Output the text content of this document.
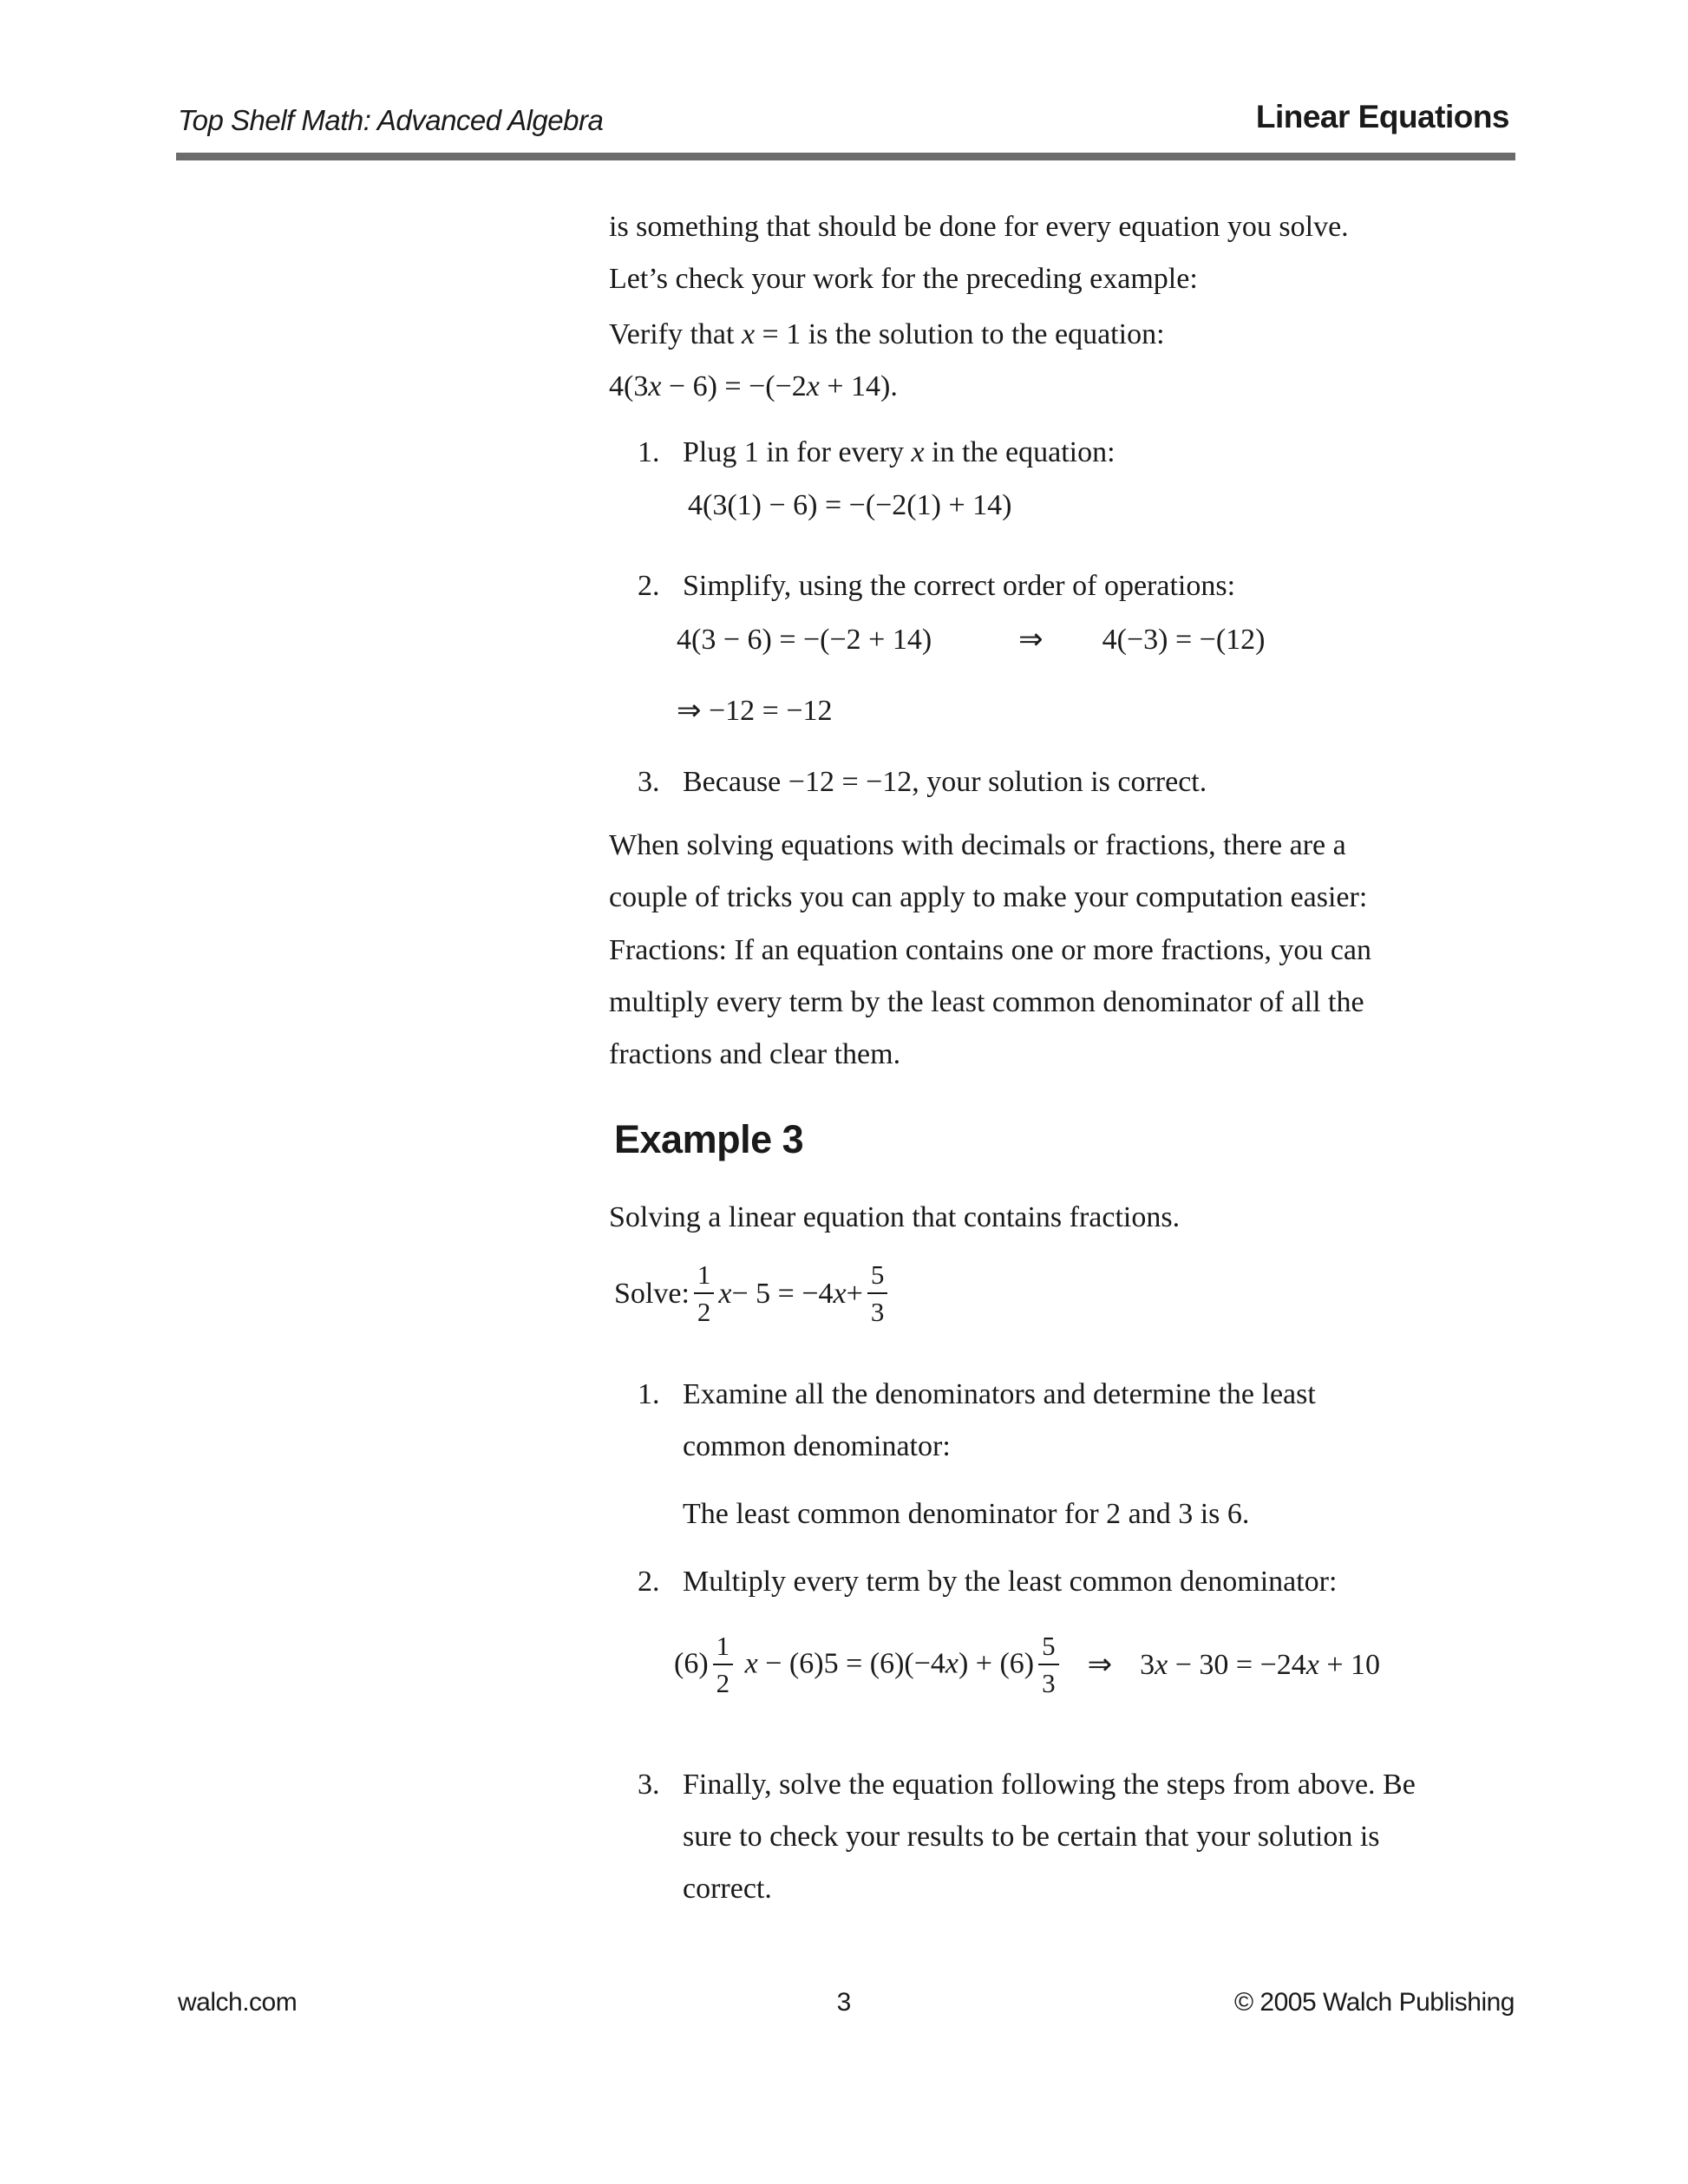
Top Shelf Math: Advanced Algebra	Linear Equations

is something that should be done for every equation you solve.
Let’s check your work for the preceding example:

Verify that x = 1 is the solution to the equation:
4(3x − 6) = −(−2x + 14).

1. Plug 1 in for every x in the equation:
4(3(1) − 6) = −(−2(1) + 14)
2. Simplify, using the correct order of operations:
4(3 − 6) = −(−2 + 14)	⇒ 4(−3) = −(12)
⇒ −12 = −12
3. Because −12 = −12, your solution is correct.

When solving equations with decimals or fractions, there are a
couple of tricks you can apply to make your computation easier:

Fractions: If an equation contains one or more fractions, you can
multiply every term by the least common denominator of all the
fractions and clear them.

Example 3

Solving a linear equation that contains fractions.

Solve: $\frac{1}{2}$ x − 5 = −4 $x + \frac{5}{3}$
1. Examine all the denominators and determine the least
common denominator:

The least common denominator for 2 and 3 is 6.

2. Multiply every term by the least common denominator:
$(6) \frac{1}{2}$ $x - (6)5 = (6)(-4x) + (6) \frac{5}{3}$ ⇒ 3x − 30 = −24x + 10
3. Finally, solve the equation following the steps from above. Be
sure to check your results to be certain that your solution is
correct.
walch.com	3	© 2005 Walch Publishing
